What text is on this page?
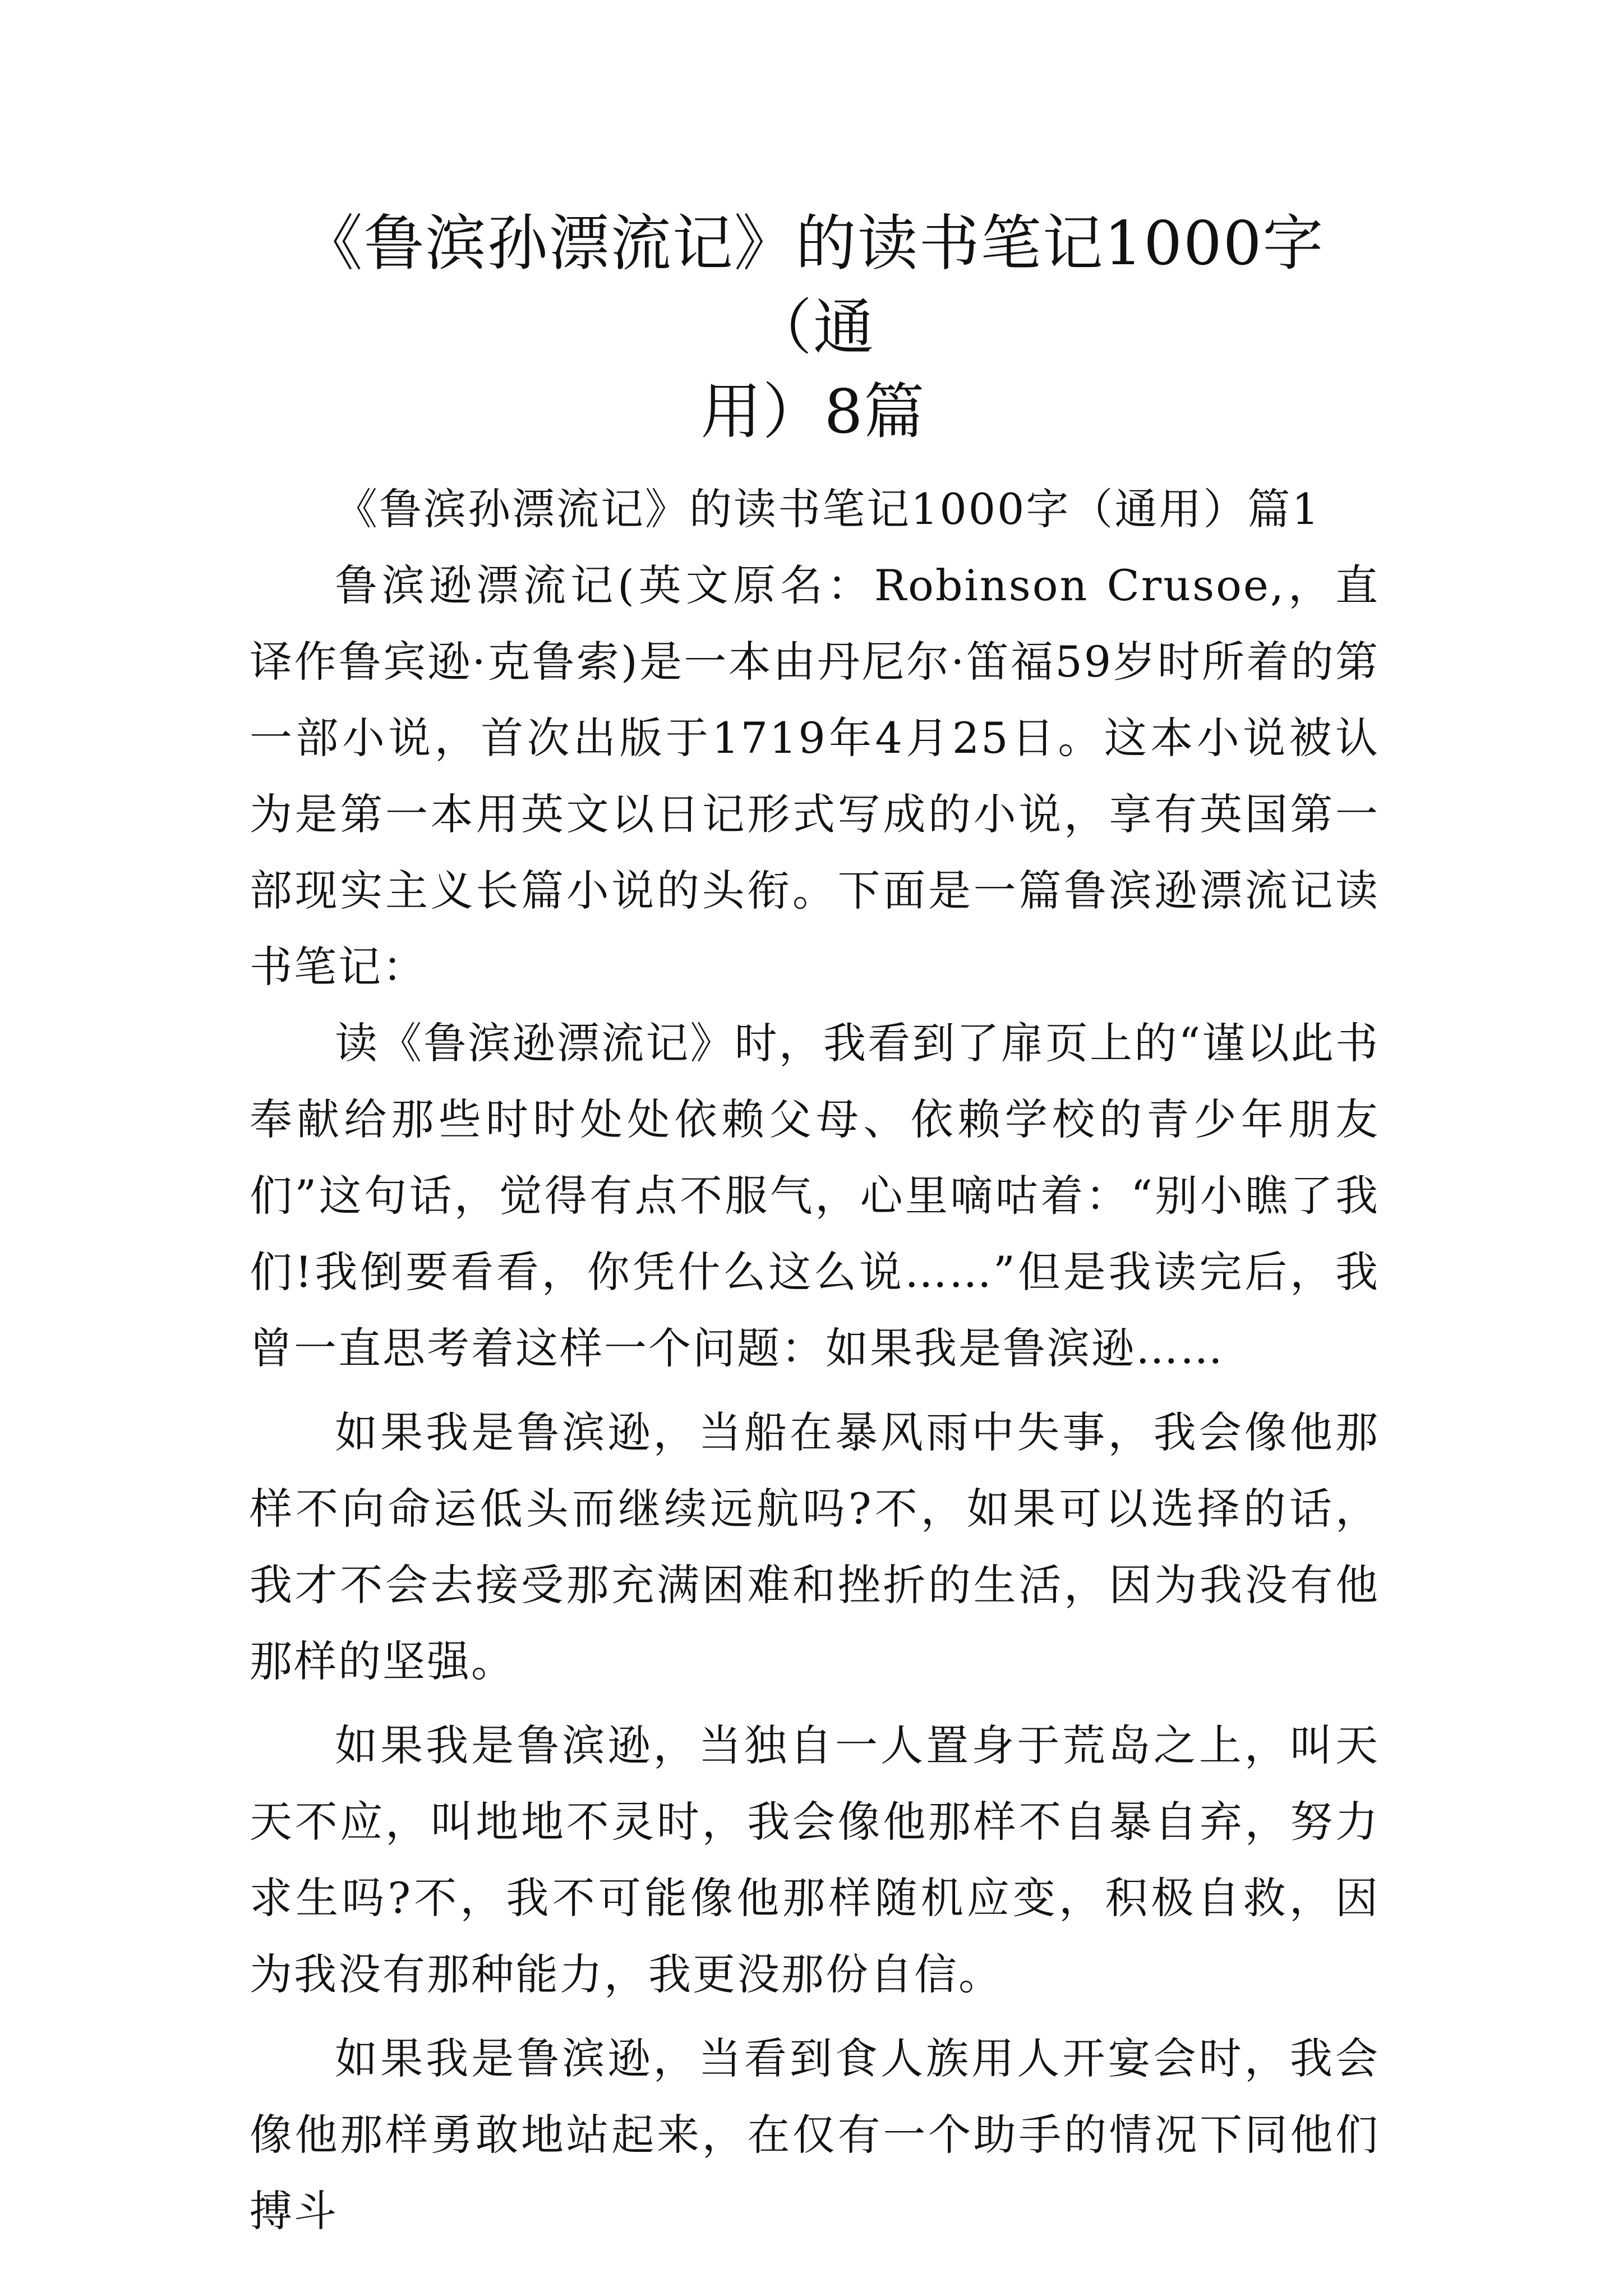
《鲁滨孙漂流记》的读书笔记1000字（通
用）8篇
《鲁滨孙漂流记》的读书笔记1000字（通用）篇1

鲁滨逊漂流记(英文原名：Robinson Crusoe,，直译作鲁宾逊·克鲁索)是一本由丹尼尔·笛福59岁时所着的第一部小说，首次出版于1719年4月25日。这本小说被认为是第一本用英文以日记形式写成的小说，享有英国第一部现实主义长篇小说的头衔。下面是一篇鲁滨逊漂流记读书笔记：

读《鲁滨逊漂流记》时，我看到了扉页上的“谨以此书奉献给那些时时处处依赖父母、依赖学校的青少年朋友们”这句话，觉得有点不服气，心里嘀咕着：“别小瞧了我们!我倒要看看，你凭什么这么说……”但是我读完后，我曾一直思考着这样一个问题：如果我是鲁滨逊……

如果我是鲁滨逊，当船在暴风雨中失事，我会像他那样不向命运低头而继续远航吗?不，如果可以选择的话，我才不会去接受那充满困难和挫折的生活，因为我没有他那样的坚强。

如果我是鲁滨逊，当独自一人置身于荒岛之上，叫天天不应，叫地地不灵时，我会像他那样不自暴自弃，努力求生吗?不，我不可能像他那样随机应变，积极自救，因为我没有那种能力，我更没那份自信。

如果我是鲁滨逊，当看到食人族用人开宴会时，我会像他那样勇敢地站起来，在仅有一个助手的情况下同他们搏斗
